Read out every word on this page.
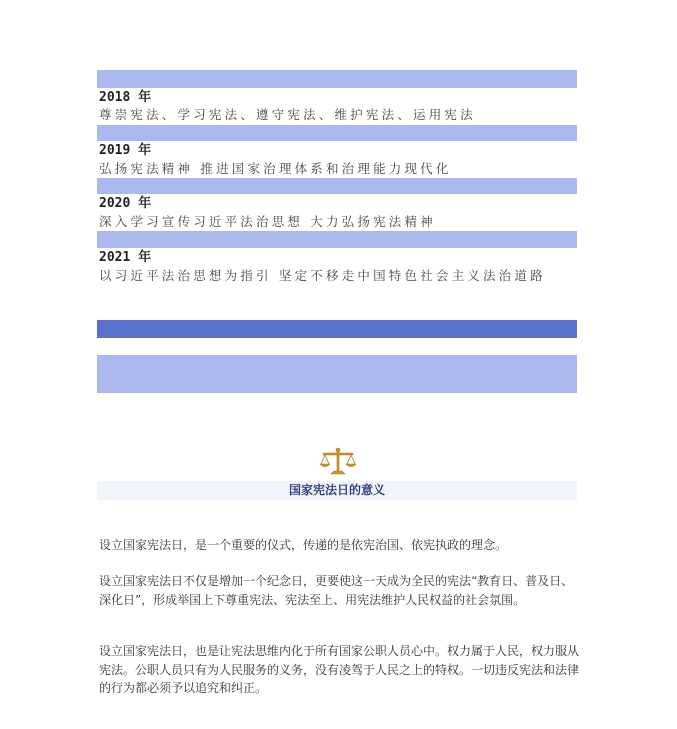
2018 年
尊崇宪法、学习宪法、遵守宪法、维护宪法、运用宪法
2019 年
弘扬宪法精神 推进国家治理体系和治理能力现代化
2020 年
深入学习宣传习近平法治思想 大力弘扬宪法精神
2021 年
以习近平法治思想为指引 坚定不移走中国特色社会主义法治道路
国家宪法日的意义

设立国家宪法日，是一个重要的仪式，传递的是依宪治国、依宪执政的理念。

设立国家宪法日不仅是增加一个纪念日，更要使这一天成为全民的宪法“教育日、普及日、深化日”，形成举国上下尊重宪法、宪法至上、用宪法维护人民权益的社会氛围。

设立国家宪法日，也是让宪法思维内化于所有国家公职人员心中。权力属于人民，权力服从宪法。公职人员只有为人民服务的义务，没有凌驾于人民之上的特权。一切违反宪法和法律的行为都必须予以追究和纠正。
